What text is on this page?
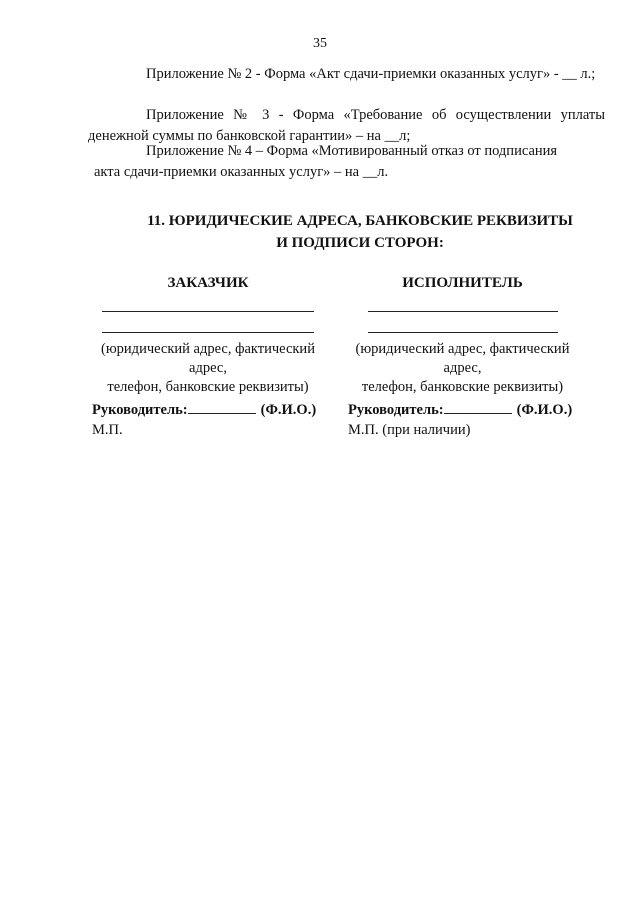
35
Приложение № 2 - Форма «Акт сдачи-приемки оказанных услуг» - __ л.;
Приложение № 3 - Форма «Требование об осуществлении уплаты денежной суммы по банковской гарантии» – на __л;
Приложение № 4 – Форма «Мотивированный отказ от подписания
акта сдачи-приемки оказанных услуг» – на __л.
11. ЮРИДИЧЕСКИЕ АДРЕСА, БАНКОВСКИЕ РЕКВИЗИТЫ
И ПОДПИСИ СТОРОН:
ЗАКАЗЧИК
(юридический адрес, фактический
адрес,
телефон, банковские реквизиты)
Руководитель:	(Ф.И.О.)
М.П.
ИСПОЛНИТЕЛЬ
(юридический адрес, фактический
адрес,
телефон, банковские реквизиты)
Руководитель:	(Ф.И.О.)
М.П. (при наличии)
